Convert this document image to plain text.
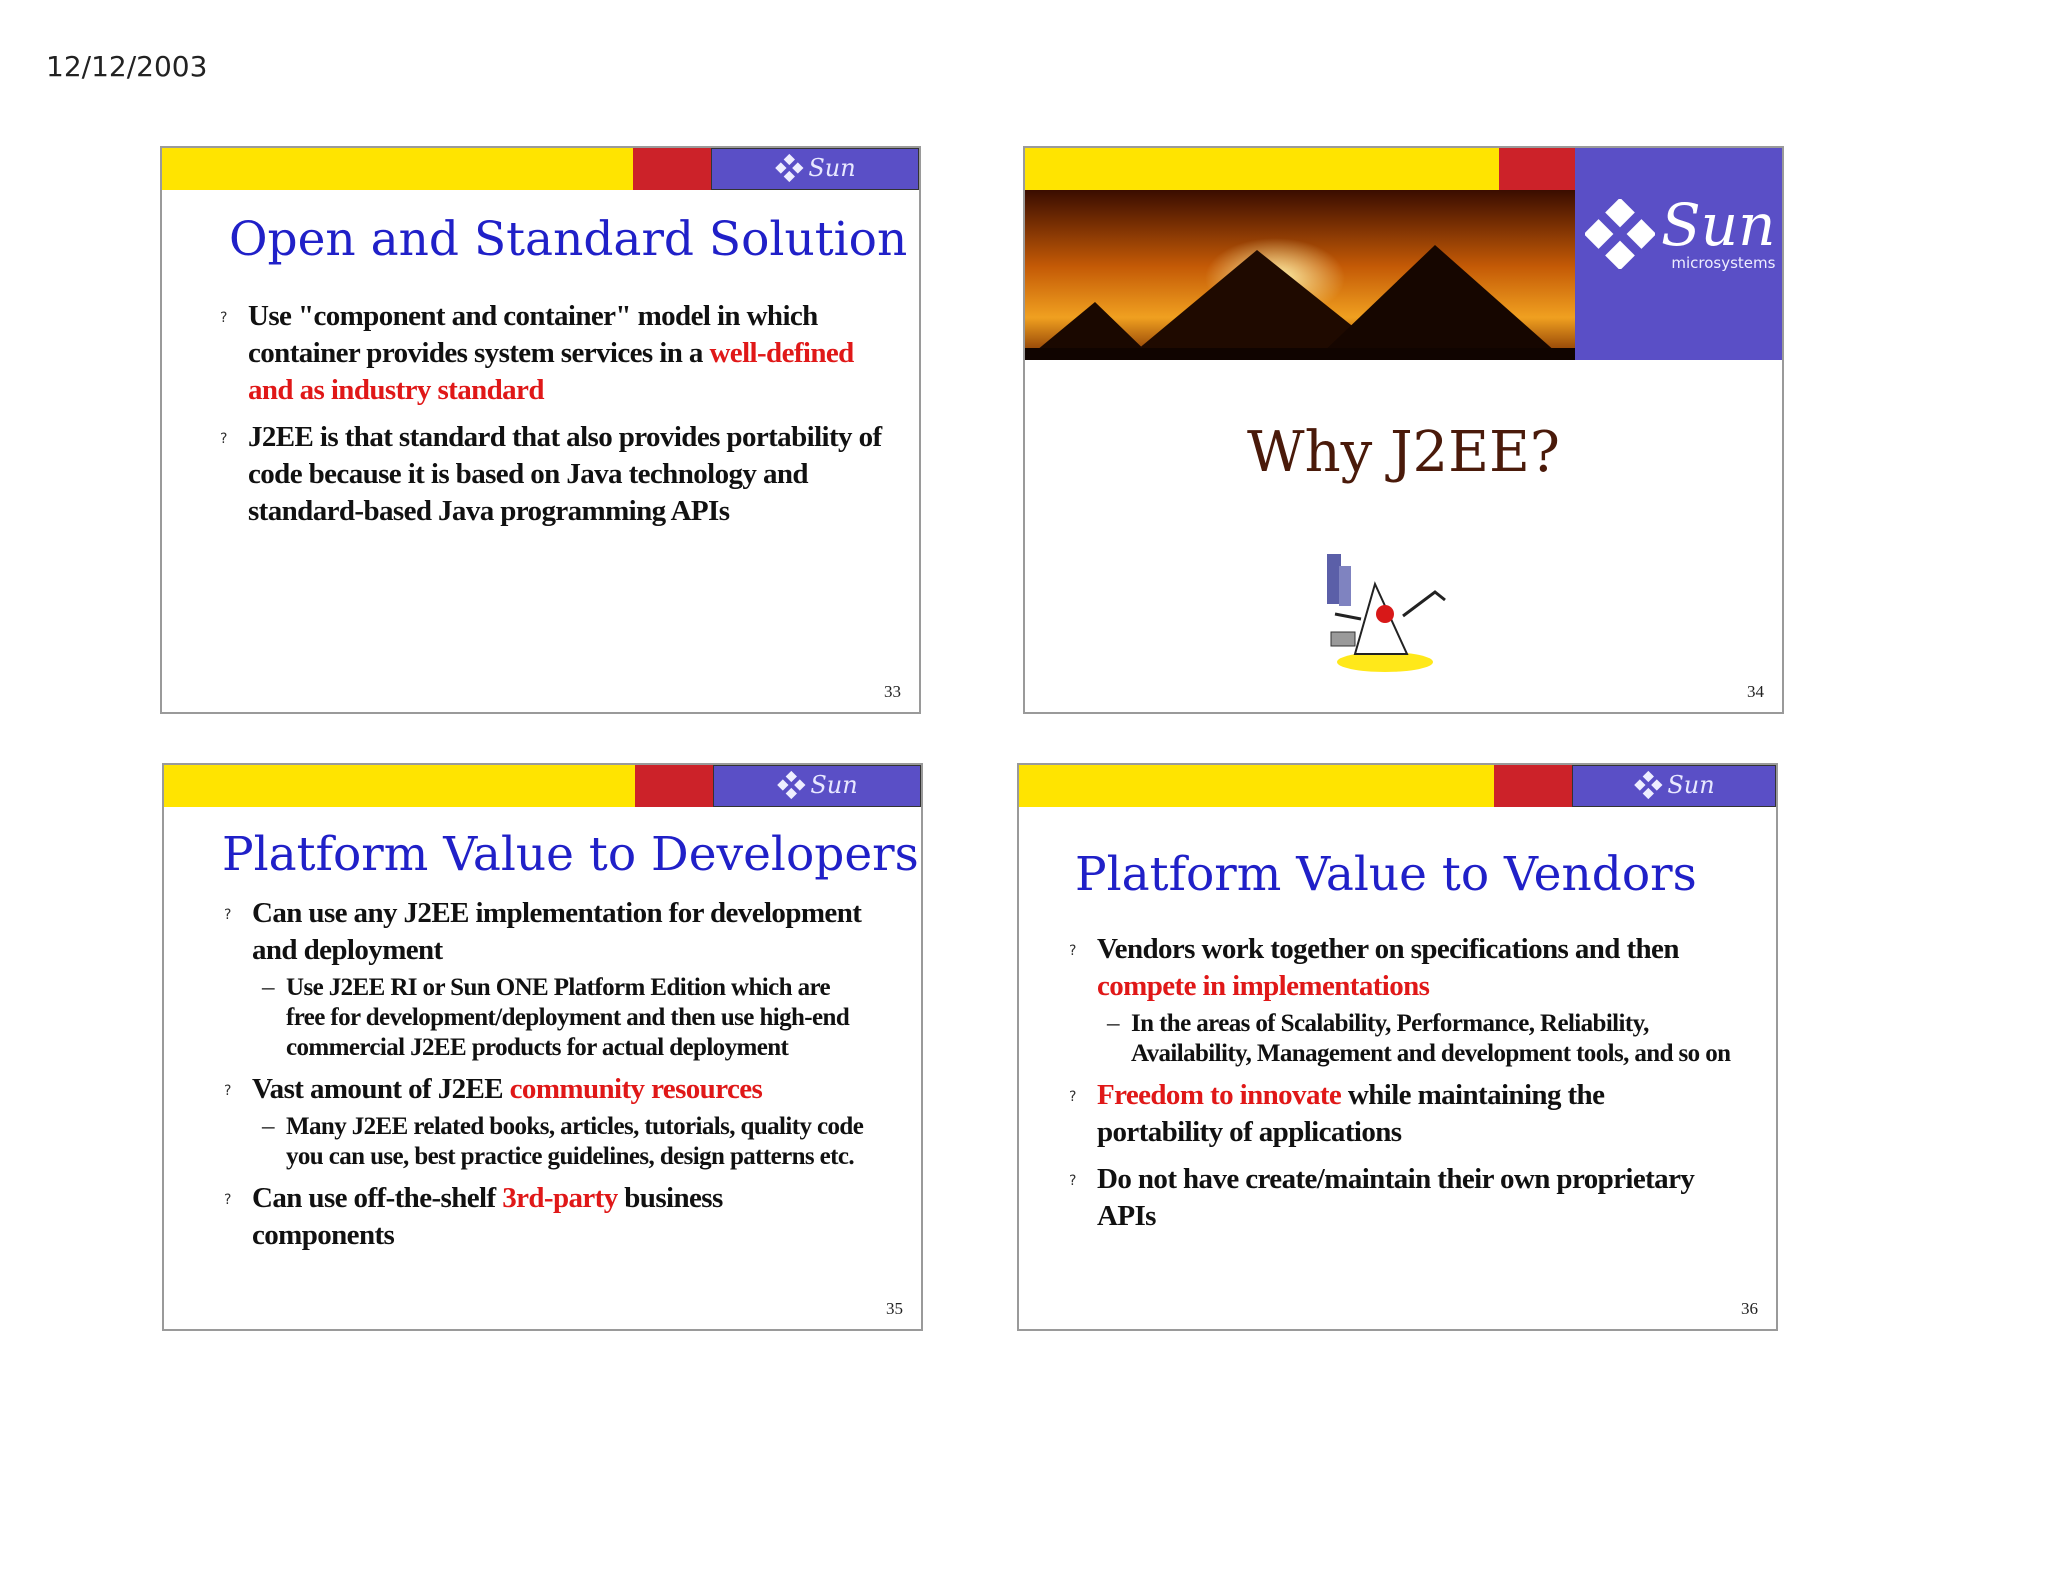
12/12/2003
Sun
Open and Standard Solution
? Use "component and container" model in which container provides system services in a well-defined and as industry standard
? J2EE is that standard that also provides portability of code because it is based on Java technology and standard-based Java programming APIs
33
Sun
microsystems
Why J2EE?
34
Sun
Platform Value to Developers
? Can use any J2EE implementation for development and deployment
– Use J2EE RI or Sun ONE Platform Edition which are free for development/deployment and then use high-end commercial J2EE products for actual deployment
? Vast amount of J2EE community resources
– Many J2EE related books, articles, tutorials, quality code you can use, best practice guidelines, design patterns etc.
? Can use off-the-shelf 3rd-party business components
35
Sun
Platform Value to Vendors
? Vendors work together on specifications and then compete in implementations
– In the areas of Scalability, Performance, Reliability, Availability, Management and development tools, and so on
? Freedom to innovate while maintaining the portability of applications
? Do not have create/maintain their own proprietary APIs
36
